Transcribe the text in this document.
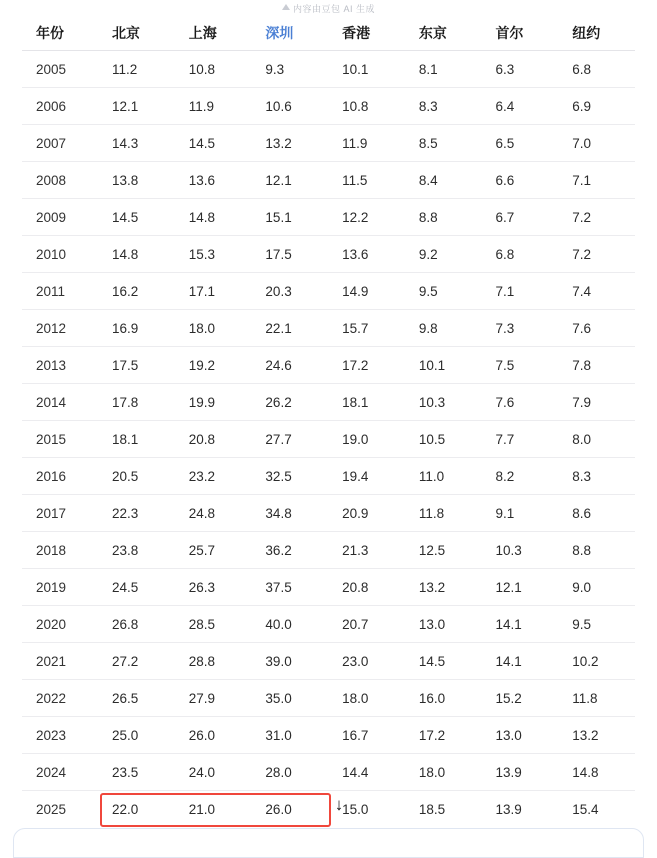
内容由豆包 AI 生成
年份	北京	上海	深圳	香港	东京	首尔	纽约
2005	11.2	10.8	9.3	10.1	8.1	6.3	6.8
2006	12.1	11.9	10.6	10.8	8.3	6.4	6.9
2007	14.3	14.5	13.2	11.9	8.5	6.5	7.0
2008	13.8	13.6	12.1	11.5	8.4	6.6	7.1
2009	14.5	14.8	15.1	12.2	8.8	6.7	7.2
2010	14.8	15.3	17.5	13.6	9.2	6.8	7.2
2011	16.2	17.1	20.3	14.9	9.5	7.1	7.4
2012	16.9	18.0	22.1	15.7	9.8	7.3	7.6
2013	17.5	19.2	24.6	17.2	10.1	7.5	7.8
2014	17.8	19.9	26.2	18.1	10.3	7.6	7.9
2015	18.1	20.8	27.7	19.0	10.5	7.7	8.0
2016	20.5	23.2	32.5	19.4	11.0	8.2	8.3
2017	22.3	24.8	34.8	20.9	11.8	9.1	8.6
2018	23.8	25.7	36.2	21.3	12.5	10.3	8.8
2019	24.5	26.3	37.5	20.8	13.2	12.1	9.0
2020	26.8	28.5	40.0	20.7	13.0	14.1	9.5
2021	27.2	28.8	39.0	23.0	14.5	14.1	10.2
2022	26.5	27.9	35.0	18.0	16.0	15.2	11.8
2023	25.0	26.0	31.0	16.7	17.2	13.0	13.2
2024	23.5	24.0	28.0	14.4	18.0	13.9	14.8
2025	22.0	21.0	26.0	15.0	18.5	13.9	15.4
↓
